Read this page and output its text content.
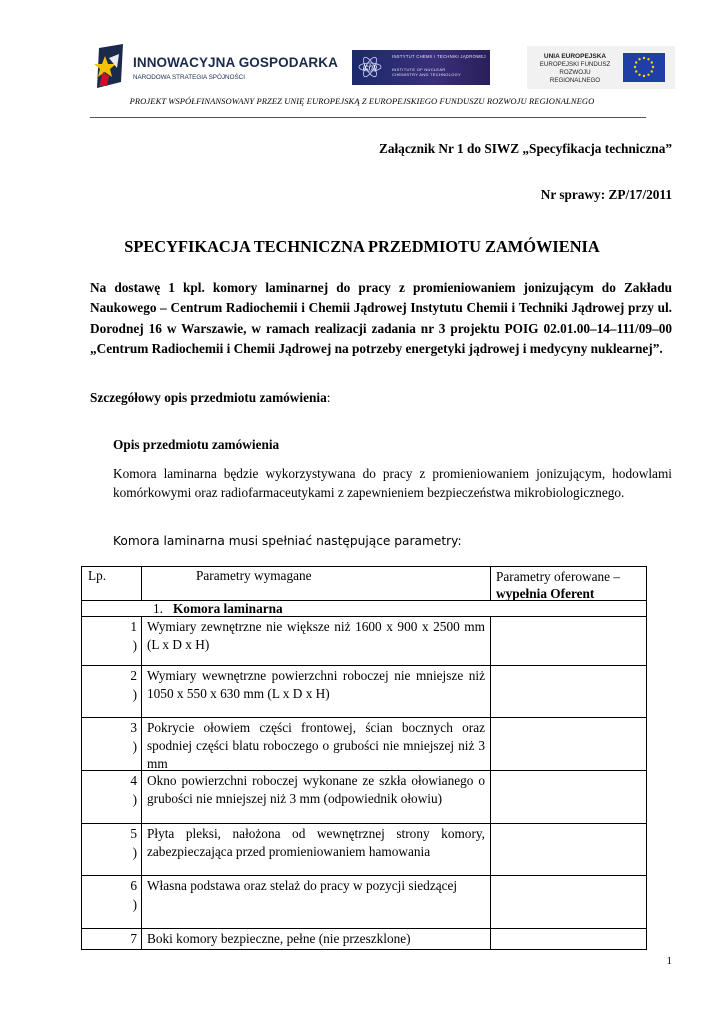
INNOWACYJNA GOSPODARKA
NARODOWA STRATEGIA SPÓJNOŚCI
ichtj
INSTYTUT CHEMII I TECHNIKI JĄDROWEJ
INSTITUTE OF NUCLEAR
CHEMISTRY AND TECHNOLOGY
UNIA EUROPEJSKA
EUROPEJSKI FUNDUSZ
ROZWOJU REGIONALNEGO
PROJEKT WSPÓŁFINANSOWANY PRZEZ UNIĘ EUROPEJSKĄ Z EUROPEJSKIEGO FUNDUSZU ROZWOJU REGIONALNEGO
Załącznik Nr 1 do SIWZ „Specyfikacja techniczna”
Nr sprawy: ZP/17/2011
SPECYFIKACJA TECHNICZNA PRZEDMIOTU ZAMÓWIENIA
Na dostawę 1 kpl. komory laminarnej do pracy z promieniowaniem jonizującym do Zakładu Naukowego – Centrum Radiochemii i Chemii Jądrowej Instytutu Chemii i Techniki Jądrowej przy ul. Dorodnej 16 w Warszawie, w ramach realizacji zadania nr 3 projektu POIG 02.01.00–14–111/09–00 „Centrum Radiochemii i Chemii Jądrowej na potrzeby energetyki jądrowej i medycyny nuklearnej”.
Szczegółowy opis przedmiotu zamówienia:
Opis przedmiotu zamówienia
Komora laminarna będzie wykorzystywana do pracy z promieniowaniem jonizującym, hodowlami komórkowymi oraz radiofarmaceutykami z zapewnieniem bezpieczeństwa mikrobiologicznego.
Komora laminarna musi spełniać następujące parametry:
Lp.	Parametry wymagane	Parametry oferowane –
wypełnia Oferent
1. Komora laminarna
1
)
Wymiary zewnętrzne nie większe niż 1600 x 900 x 2500 mm (L x D x H)
2
)
Wymiary wewnętrzne powierzchni roboczej nie mniejsze niż 1050 x 550 x 630 mm (L x D x H)
3
)
Pokrycie ołowiem części frontowej, ścian bocznych oraz spodniej części blatu roboczego o grubości nie mniejszej niż 3 mm
4
)
Okno powierzchni roboczej wykonane ze szkła ołowianego o grubości nie mniejszej niż 3 mm (odpowiednik ołowiu)
5
)
Płyta pleksi, nałożona od wewnętrznej strony komory, zabezpieczająca przed promieniowaniem hamowania
6
)
Własna podstawa oraz stelaż do pracy w pozycji siedzącej
7 Boki komory bezpieczne, pełne (nie przeszklone)
1
